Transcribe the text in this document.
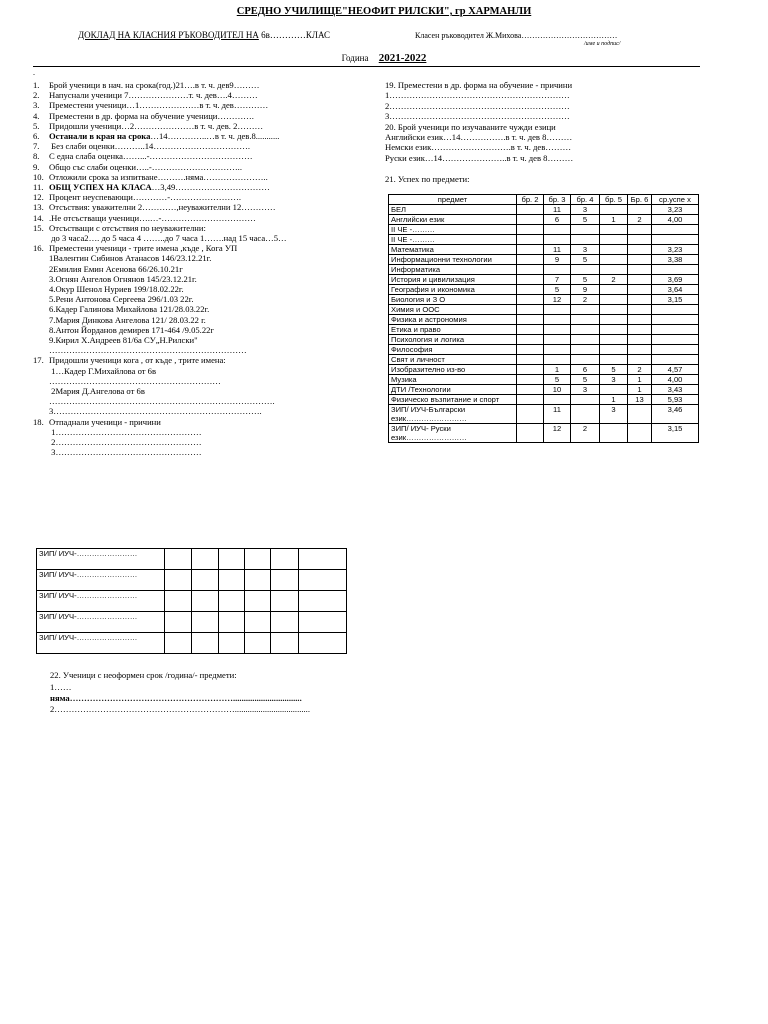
СРЕДНО УЧИЛИЩЕ"НЕОФИТ РИЛСКИ", гр ХАРМАНЛИ
ДОКЛАД НА КЛАСНИЯ РЪКОВОДИТЕЛ НА 6в…………КЛАС	Класен ръководител Ж.Михова………………………………
/име и подпис/
Година 2021-2022
.
1. Брой ученици в нач. на срока(год.)21….в т. ч. дев9………
2. Напуснали ученици 7…………………т. ч. дев….4………
3. Преместени ученици…1…………………в т. ч. дев…………
4. Преместени в др. форма на обучение ученици………….
5. Придошли ученици…2…………………в т. ч. дев. 2………
6. Останали в края на срока…14…………..…в т. ч. дев.8...........
7. Без слаби оценки………..14…………………………….
8. С една слаба оценка……...-………………………………
9. Общо със слаби оценки…..-…………………………..
10. Отложили срока за изпитване……….няма…………………..
11. ОБЩ УСПЕХ НА КЛАСА…3,49……………………………
12. Процент неуспевающи…………-…………………….
13. Отсъствия: уважителни 2…………,неуважителни 12…………
14. .Не отсъстващи ученици….…-……………………………
15. Отсъстващи с отсъствия по неуважителни:
до 3 часа2…. до 5 часа 4 ……..до 7 часа 1…….над 15 часа…5…
16. Преместени ученици - трите имена ,къде , Кога УП
1Валентин Сибинов Атанасов 146/23.12.21г.
2Емилия Емин Асенова 66/26.10.21г
3.Огнян Ангелов Огнянов 145/23.12.21г.
4.Окур Шенол Нуриев 199/18.02.22г.
5.Рени Антонова Сергеева 296/1.03 22г.
6.Кадер Галинова Михайлова 121/28.03.22г.
7.Мария Динкова Ангелова 121/ 28.03.22 г.
8.Антон Йорданов демирев 171-464 /9.05.22г
9.Кирил Х.Андреев 81/6а СУ„Н.Рилски"
……………………………………………………………
17. Придошли ученици кога , от къде , трите имена:
1…Кадер Г.Михайлова от 6в
……………………………………………………
2Мария Д.Ангелова от 6в
…………………………………………………………………….
3……………………………………………………………….
18. Отпаднали ученици - причини
1……………………………………………
2……………………………………………
3……………………………………………
19. Преместени в др. форма на обучение - причини
1………………………………………………………
2………………………………………………………
3………………………………………………………
20. Брой ученици по изучаваните чужди езици
Английски език…14…………….в т. ч. дев 8………
Немски език……………………….в т. ч. дев………
Руски език…14…………………..в т. ч. дев 8………
21. Успех по предмети:
предмет	бр. 2	бр. 3	бр. 4	бр. 5	Бр. 6	ср.успе х
БЕЛ		11	3			3,23
Английски език		6	5	1	2	4,00
II ЧЕ -………						
II ЧЕ -………						
Математика		11	3			3,23
Информационни технологии		9	5			3,38
Информатика						
История и цивилизация		7	5	2		3,69
География и икономика		5	9			3,64
Биология и З О		12	2			3,15
Химия и ООС						
Физика и астрономия						
Етика и право						
Психология и логика						
Философия						
Свят и личност						
Изобразително из-во		1	6	5	2	4,57
Музика		5	5	3	1	4,00
ДТИ /Технологии		10	3		1	3,43
Физическо възпитание и спорт				1	13	5,93
ЗИП/ ИУЧ-Български език……………………		11		3		3,46
ЗИП/ ИУЧ- Руски език……………………		12	2			3,15
ЗИП/ ИУЧ-……………………						
ЗИП/ ИУЧ-……………………						
ЗИП/ ИУЧ-……………………						
ЗИП/ ИУЧ-……………………						
ЗИП/ ИУЧ-……………………						
22. Ученици с неоформен срок /година/- предмети:
1……
няма…………………………………………………................................
2………………………………………………………...................................
